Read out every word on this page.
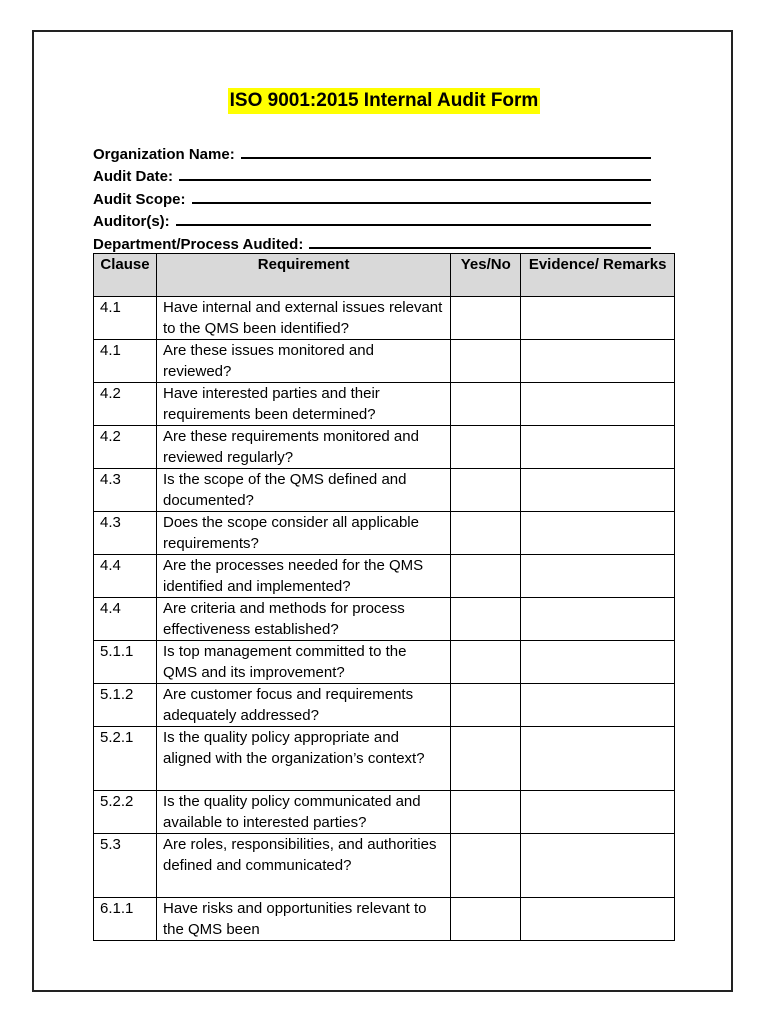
ISO 9001:2015 Internal Audit Form
Organization Name:
Audit Date:
Audit Scope:
Auditor(s):
Department/Process Audited:
Clause	Requirement	Yes/No	Evidence/ Remarks
4.1	Have internal and external issues relevant to the QMS been identified?		
4.1	Are these issues monitored and reviewed?		
4.2	Have interested parties and their requirements been determined?		
4.2	Are these requirements monitored and reviewed regularly?		
4.3	Is the scope of the QMS defined and documented?		
4.3	Does the scope consider all applicable requirements?		
4.4	Are the processes needed for the QMS identified and implemented?		
4.4	Are criteria and methods for process effectiveness established?		
5.1.1	Is top management committed to the QMS and its improvement?		
5.1.2	Are customer focus and requirements adequately addressed?		
5.2.1	Is the quality policy appropriate and aligned with the organization’s context?		
5.2.2	Is the quality policy communicated and available to interested parties?		
5.3	Are roles, responsibilities, and authorities defined and communicated?		
6.1.1	Have risks and opportunities relevant to the QMS been		
